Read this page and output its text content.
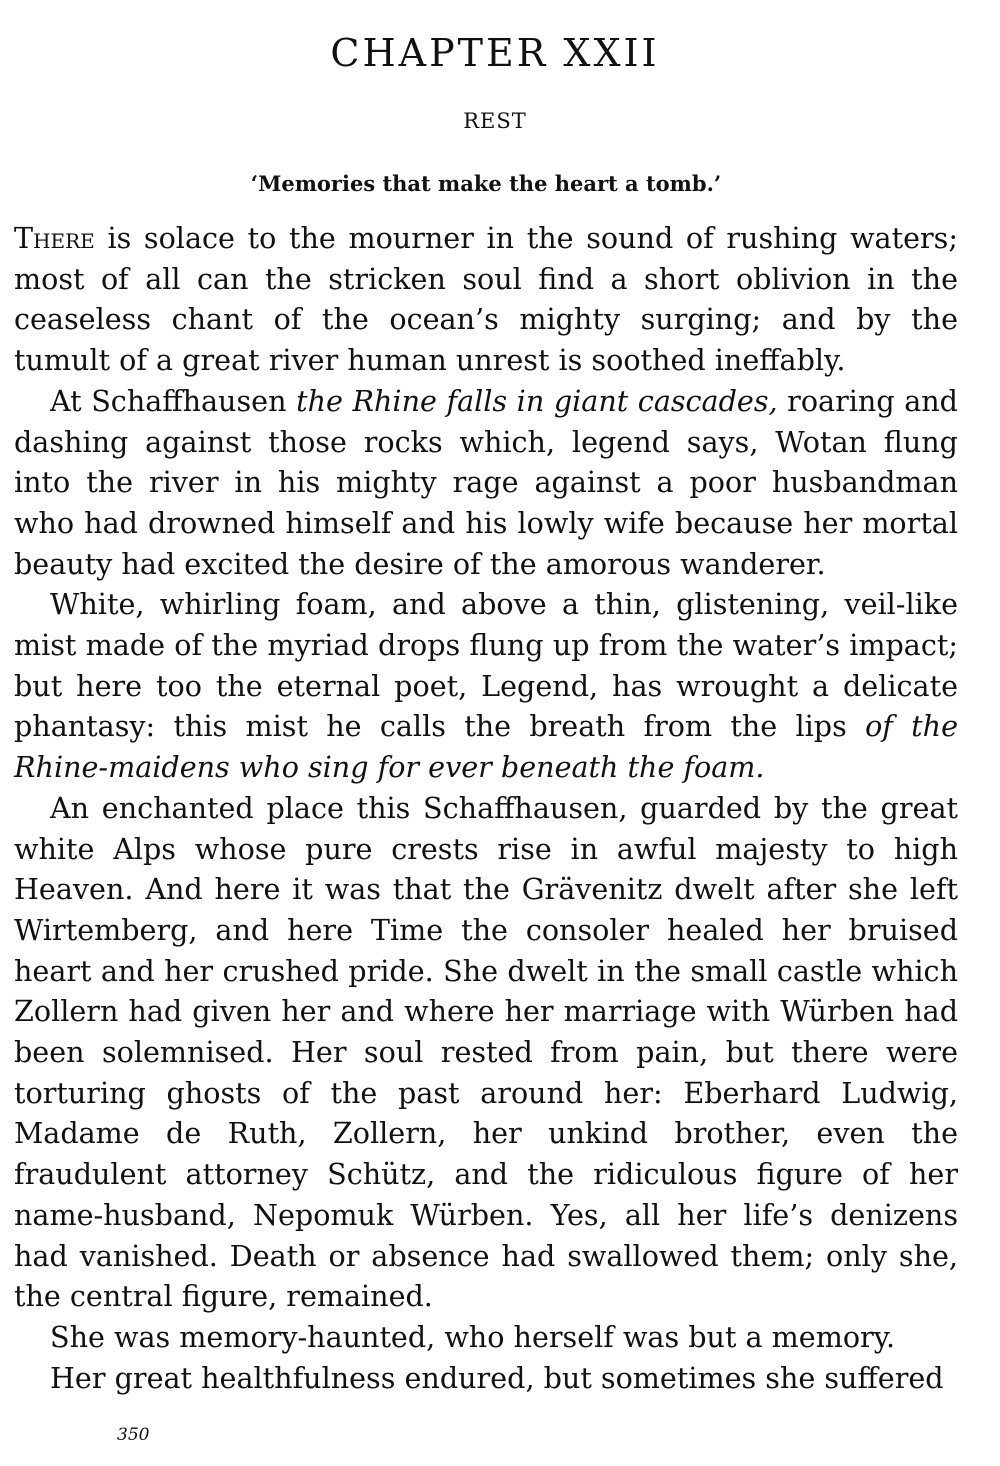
CHAPTER XXII
REST
‘Memories that make the heart a tomb.’

There is solace to the mourner in the sound of rushing waters; most of all can the stricken soul find a short oblivion in the ceaseless chant of the ocean’s mighty surging; and by the tumult of a great river human unrest is soothed ineffably.

At Schaffhausen the Rhine falls in giant cascades, roaring and dashing against those rocks which, legend says, Wotan flung into the river in his mighty rage against a poor husbandman who had drowned himself and his lowly wife because her mortal beauty had excited the desire of the amorous wanderer.

White, whirling foam, and above a thin, glistening, veil-like mist made of the myriad drops flung up from the water’s impact; but here too the eternal poet, Legend, has wrought a delicate phantasy: this mist he calls the breath from the lips of the Rhine-maidens who sing for ever beneath the foam.

An enchanted place this Schaffhausen, guarded by the great white Alps whose pure crests rise in awful majesty to high Heaven. And here it was that the Grävenitz dwelt after she left Wirtemberg, and here Time the consoler healed her bruised heart and her crushed pride. She dwelt in the small castle which Zollern had given her and where her marriage with Würben had been solemnised. Her soul rested from pain, but there were torturing ghosts of the past around her: Eberhard Ludwig, Madame de Ruth, Zollern, her unkind brother, even the fraudulent attorney Schütz, and the ridiculous figure of her name-husband, Nepomuk Würben. Yes, all her life’s denizens had vanished. Death or absence had swallowed them; only she, the central figure, remained.

She was memory-haunted, who herself was but a memory.

Her great healthfulness endured, but sometimes she suffered

350
